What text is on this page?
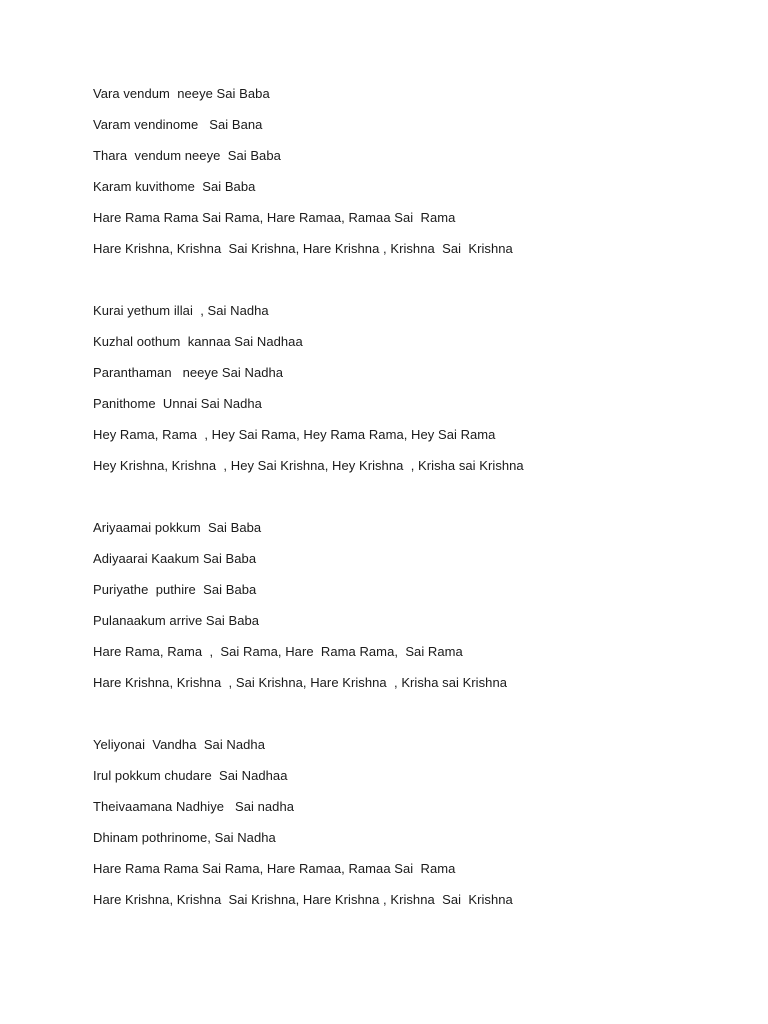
Vara vendum  neeye Sai Baba
Varam vendinome   Sai Bana
Thara  vendum neeye  Sai Baba
Karam kuvithome  Sai Baba
Hare Rama Rama Sai Rama, Hare Ramaa, Ramaa Sai  Rama
Hare Krishna, Krishna  Sai Krishna, Hare Krishna , Krishna  Sai  Krishna
Kurai yethum illai  , Sai Nadha
Kuzhal oothum  kannaa Sai Nadhaa
Paranthaman   neeye Sai Nadha
Panithome  Unnai Sai Nadha
Hey Rama, Rama  , Hey Sai Rama, Hey Rama Rama, Hey Sai Rama
Hey Krishna, Krishna  , Hey Sai Krishna, Hey Krishna  , Krisha sai Krishna
Ariyaamai pokkum  Sai Baba
Adiyaarai Kaakum Sai Baba
Puriyathe  puthire  Sai Baba
Pulanaakum arrive Sai Baba
Hare Rama, Rama  ,  Sai Rama, Hare  Rama Rama,  Sai Rama
Hare Krishna, Krishna  , Sai Krishna, Hare Krishna  , Krisha sai Krishna
Yeliyonai  Vandha  Sai Nadha
Irul pokkum chudare  Sai Nadhaa
Theivaamana Nadhiye   Sai nadha
Dhinam pothrinome, Sai Nadha
Hare Rama Rama Sai Rama, Hare Ramaa, Ramaa Sai  Rama
Hare Krishna, Krishna  Sai Krishna, Hare Krishna , Krishna  Sai  Krishna
